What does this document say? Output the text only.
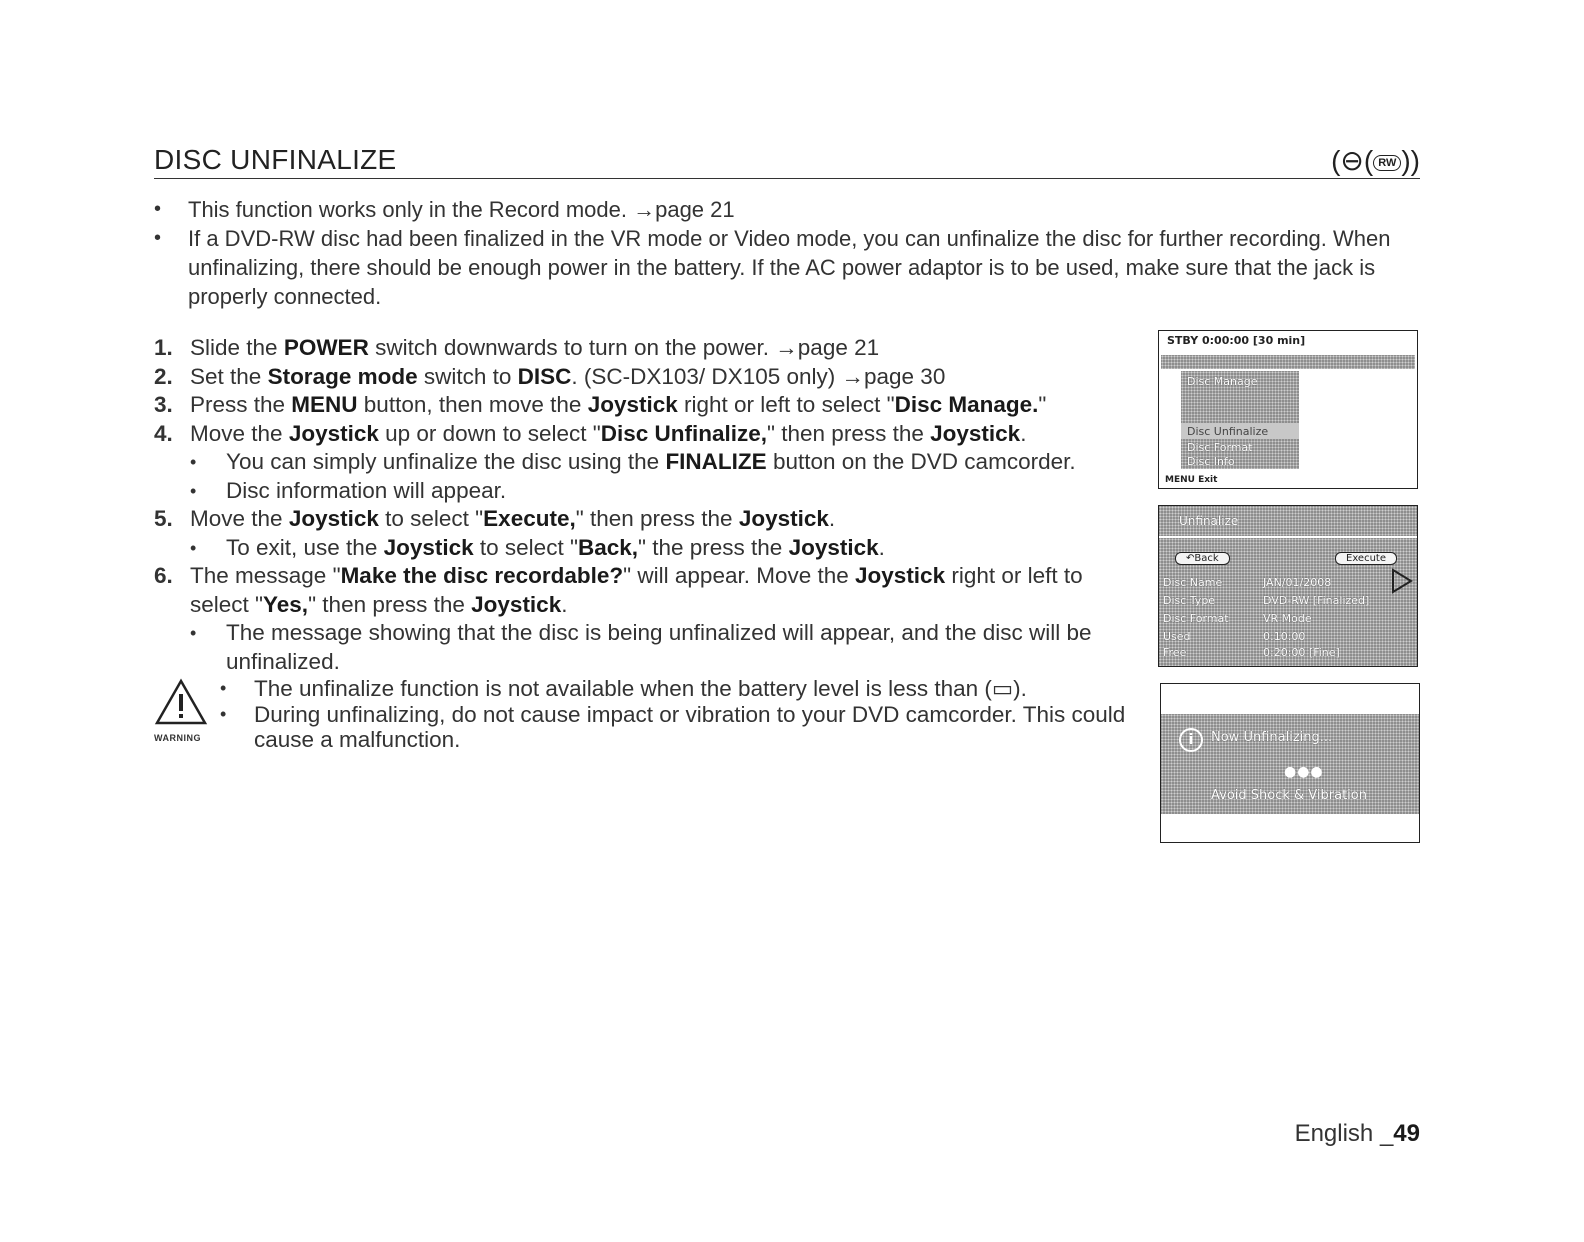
DISC UNFINALIZE	(⊖( RW ))
• This function works only in the Record mode. →page 21
• If a DVD-RW disc had been finalized in the VR mode or Video mode, you can unfinalize the disc for further recording. When unfinalizing, there should be enough power in the battery. If the AC power adaptor is to be used, make sure that the jack is properly connected.
1. Slide the POWER switch downwards to turn on the power. →page 21
2. Set the Storage mode switch to DISC. (SC-DX103/ DX105 only) →page 30
3. Press the MENU button, then move the Joystick right or left to select "Disc Manage."
4. Move the Joystick up or down to select "Disc Unfinalize," then press the Joystick.
• You can simply unfinalize the disc using the FINALIZE button on the DVD camcorder.
• Disc information will appear.
5. Move the Joystick to select "Execute," then press the Joystick.
• To exit, use the Joystick to select "Back," the press the Joystick.
6. The message "Make the disc recordable?" will appear. Move the Joystick right or left to select "Yes," then press the Joystick.
• The message showing that the disc is being unfinalized will appear, and the disc will be unfinalized.
WARNING
• The unfinalize function is not available when the battery level is less than (▭).
• During unfinalizing, do not cause impact or vibration to your DVD camcorder. This could cause a malfunction.
STBY 0:00:00 [30 min]
Disc Manage
Disc Unfinalize
Disc Format
Disc Info
MENU Exit
Unfinalize
↶Back	Execute
Disc Name	JAN/01/2008
Disc Type	DVD-RW [Finalized]
Disc Format	VR Mode
Used	0:10:00
Free	0:20:00 [Fine]
i	Now Unfinalizing...
●●●
Avoid Shock & Vibration
English _49
